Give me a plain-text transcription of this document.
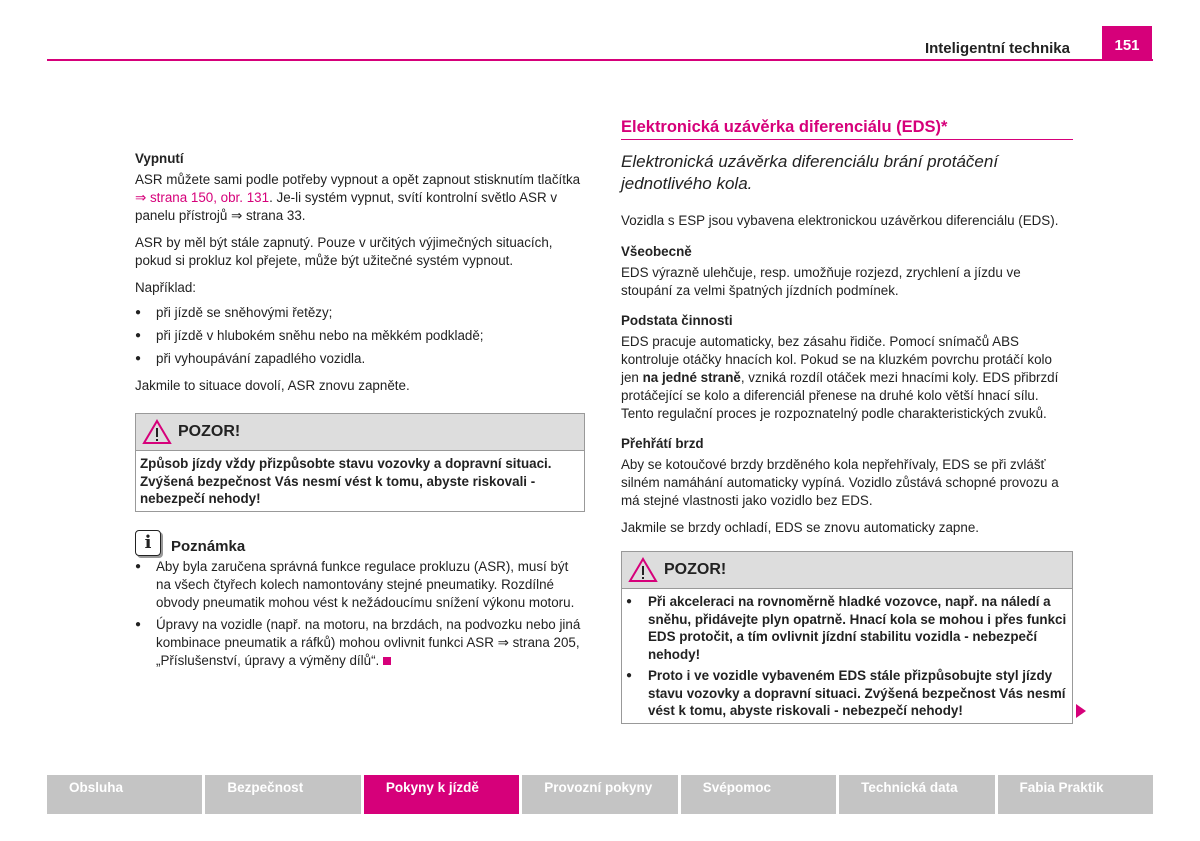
Inteligentní technika	151
Vypnutí

ASR můžete sami podle potřeby vypnout a opět zapnout stisknutím tlačítka ⇒ strana 150, obr. 131. Je-li systém vypnut, svítí kontrolní světlo ASR v panelu přístrojů ⇒ strana 33.

ASR by měl být stále zapnutý. Pouze v určitých výjimečných situacích, pokud si prokluz kol přejete, může být užitečné systém vypnout.

Například:

● při jízdě se sněhovými řetězy;
● při jízdě v hlubokém sněhu nebo na měkkém podkladě;
● při vyhoupávání zapadlého vozidla.

Jakmile to situace dovolí, ASR znovu zapněte.

POZOR!
Způsob jízdy vždy přizpůsobte stavu vozovky a dopravní situaci. Zvýšená bezpečnost Vás nesmí vést k tomu, abyste riskovali - nebezpečí nehody!
i	Poznámka
● Aby byla zaručena správná funkce regulace prokluzu (ASR), musí být na všech čtyřech kolech namontovány stejné pneumatiky. Rozdílné obvody pneumatik mohou vést k nežádoucímu snížení výkonu motoru.
● Úpravy na vozidle (např. na motoru, na brzdách, na podvozku nebo jiná kombinace pneumatik a ráfků) mohou ovlivnit funkci ASR ⇒ strana 205, „Příslušenství, úpravy a výměny dílů“.
Elektronická uzávěrka diferenciálu (EDS)*
Elektronická uzávěrka diferenciálu brání protáčení jednotlivého kola.

Vozidla s ESP jsou vybavena elektronickou uzávěrkou diferenciálu (EDS).

Všeobecně

EDS výrazně ulehčuje, resp. umožňuje rozjezd, zrychlení a jízdu ve stoupání za velmi špatných jízdních podmínek.

Podstata činnosti

EDS pracuje automaticky, bez zásahu řidiče. Pomocí snímačů ABS kontroluje otáčky hnacích kol. Pokud se na kluzkém povrchu protáčí kolo jen na jedné straně, vzniká rozdíl otáček mezi hnacími koly. EDS přibrzdí protáčející se kolo a diferenciál přenese na druhé kolo větší hnací sílu. Tento regulační proces je rozpoznatelný podle charakteristických zvuků.

Přehřátí brzd

Aby se kotoučové brzdy brzděného kola nepřehřívaly, EDS se při zvlášť silném namáhání automaticky vypíná. Vozidlo zůstává schopné provozu a má stejné vlastnosti jako vozidlo bez EDS.

Jakmile se brzdy ochladí, EDS se znovu automaticky zapne.

POZOR!
● Při akceleraci na rovnoměrně hladké vozovce, např. na náledí a sněhu, přidávejte plyn opatrně. Hnací kola se mohou i přes funkci EDS protočit, a tím ovlivnit jízdní stabilitu vozidla - nebezpečí nehody!
● Proto i ve vozidle vybaveném EDS stále přizpůsobujte styl jízdy stavu vozovky a dopravní situaci. Zvýšená bezpečnost Vás nesmí vést k tomu, abyste riskovali - nebezpečí nehody!
Obsluha	Bezpečnost	Pokyny k jízdě	Provozní pokyny	Svépomoc	Technická data	Fabia Praktik
